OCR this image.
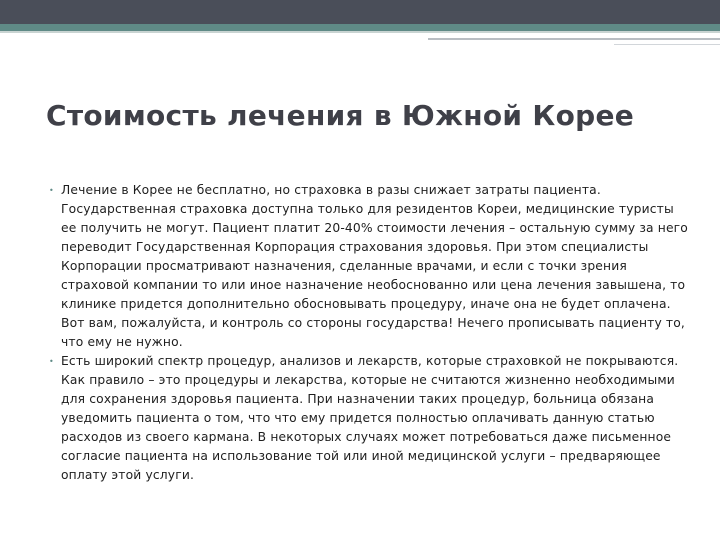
Стоимость лечения в Южной Корее
• Лечение в Корее не бесплатно, но страховка в разы снижает затраты пациента. Государственная страховка доступна только для резидентов Кореи, медицинские туристы ее получить не могут. Пациент платит 20-40% стоимости лечения – остальную сумму за него переводит Государственная Корпорация страхования здоровья. При этом специалисты Корпорации просматривают назначения, сделанные врачами, и если с точки зрения страховой компании то или иное назначение необоснованно или цена лечения завышена, то клинике придется дополнительно обосновывать процедуру, иначе она не будет оплачена. Вот вам, пожалуйста, и контроль со стороны государства! Нечего прописывать пациенту то, что ему не нужно.
• Есть широкий спектр процедур, анализов и лекарств, которые страховкой не покрываются. Как правило – это процедуры и лекарства, которые не считаются жизненно необходимыми для сохранения здоровья пациента. При назначении таких процедур, больница обязана уведомить пациента о том, что что ему придется полностью оплачивать данную статью расходов из своего кармана. В некоторых случаях может потребоваться даже письменное согласие пациента на использование той или иной медицинской услуги – предваряющее оплату этой услуги.
